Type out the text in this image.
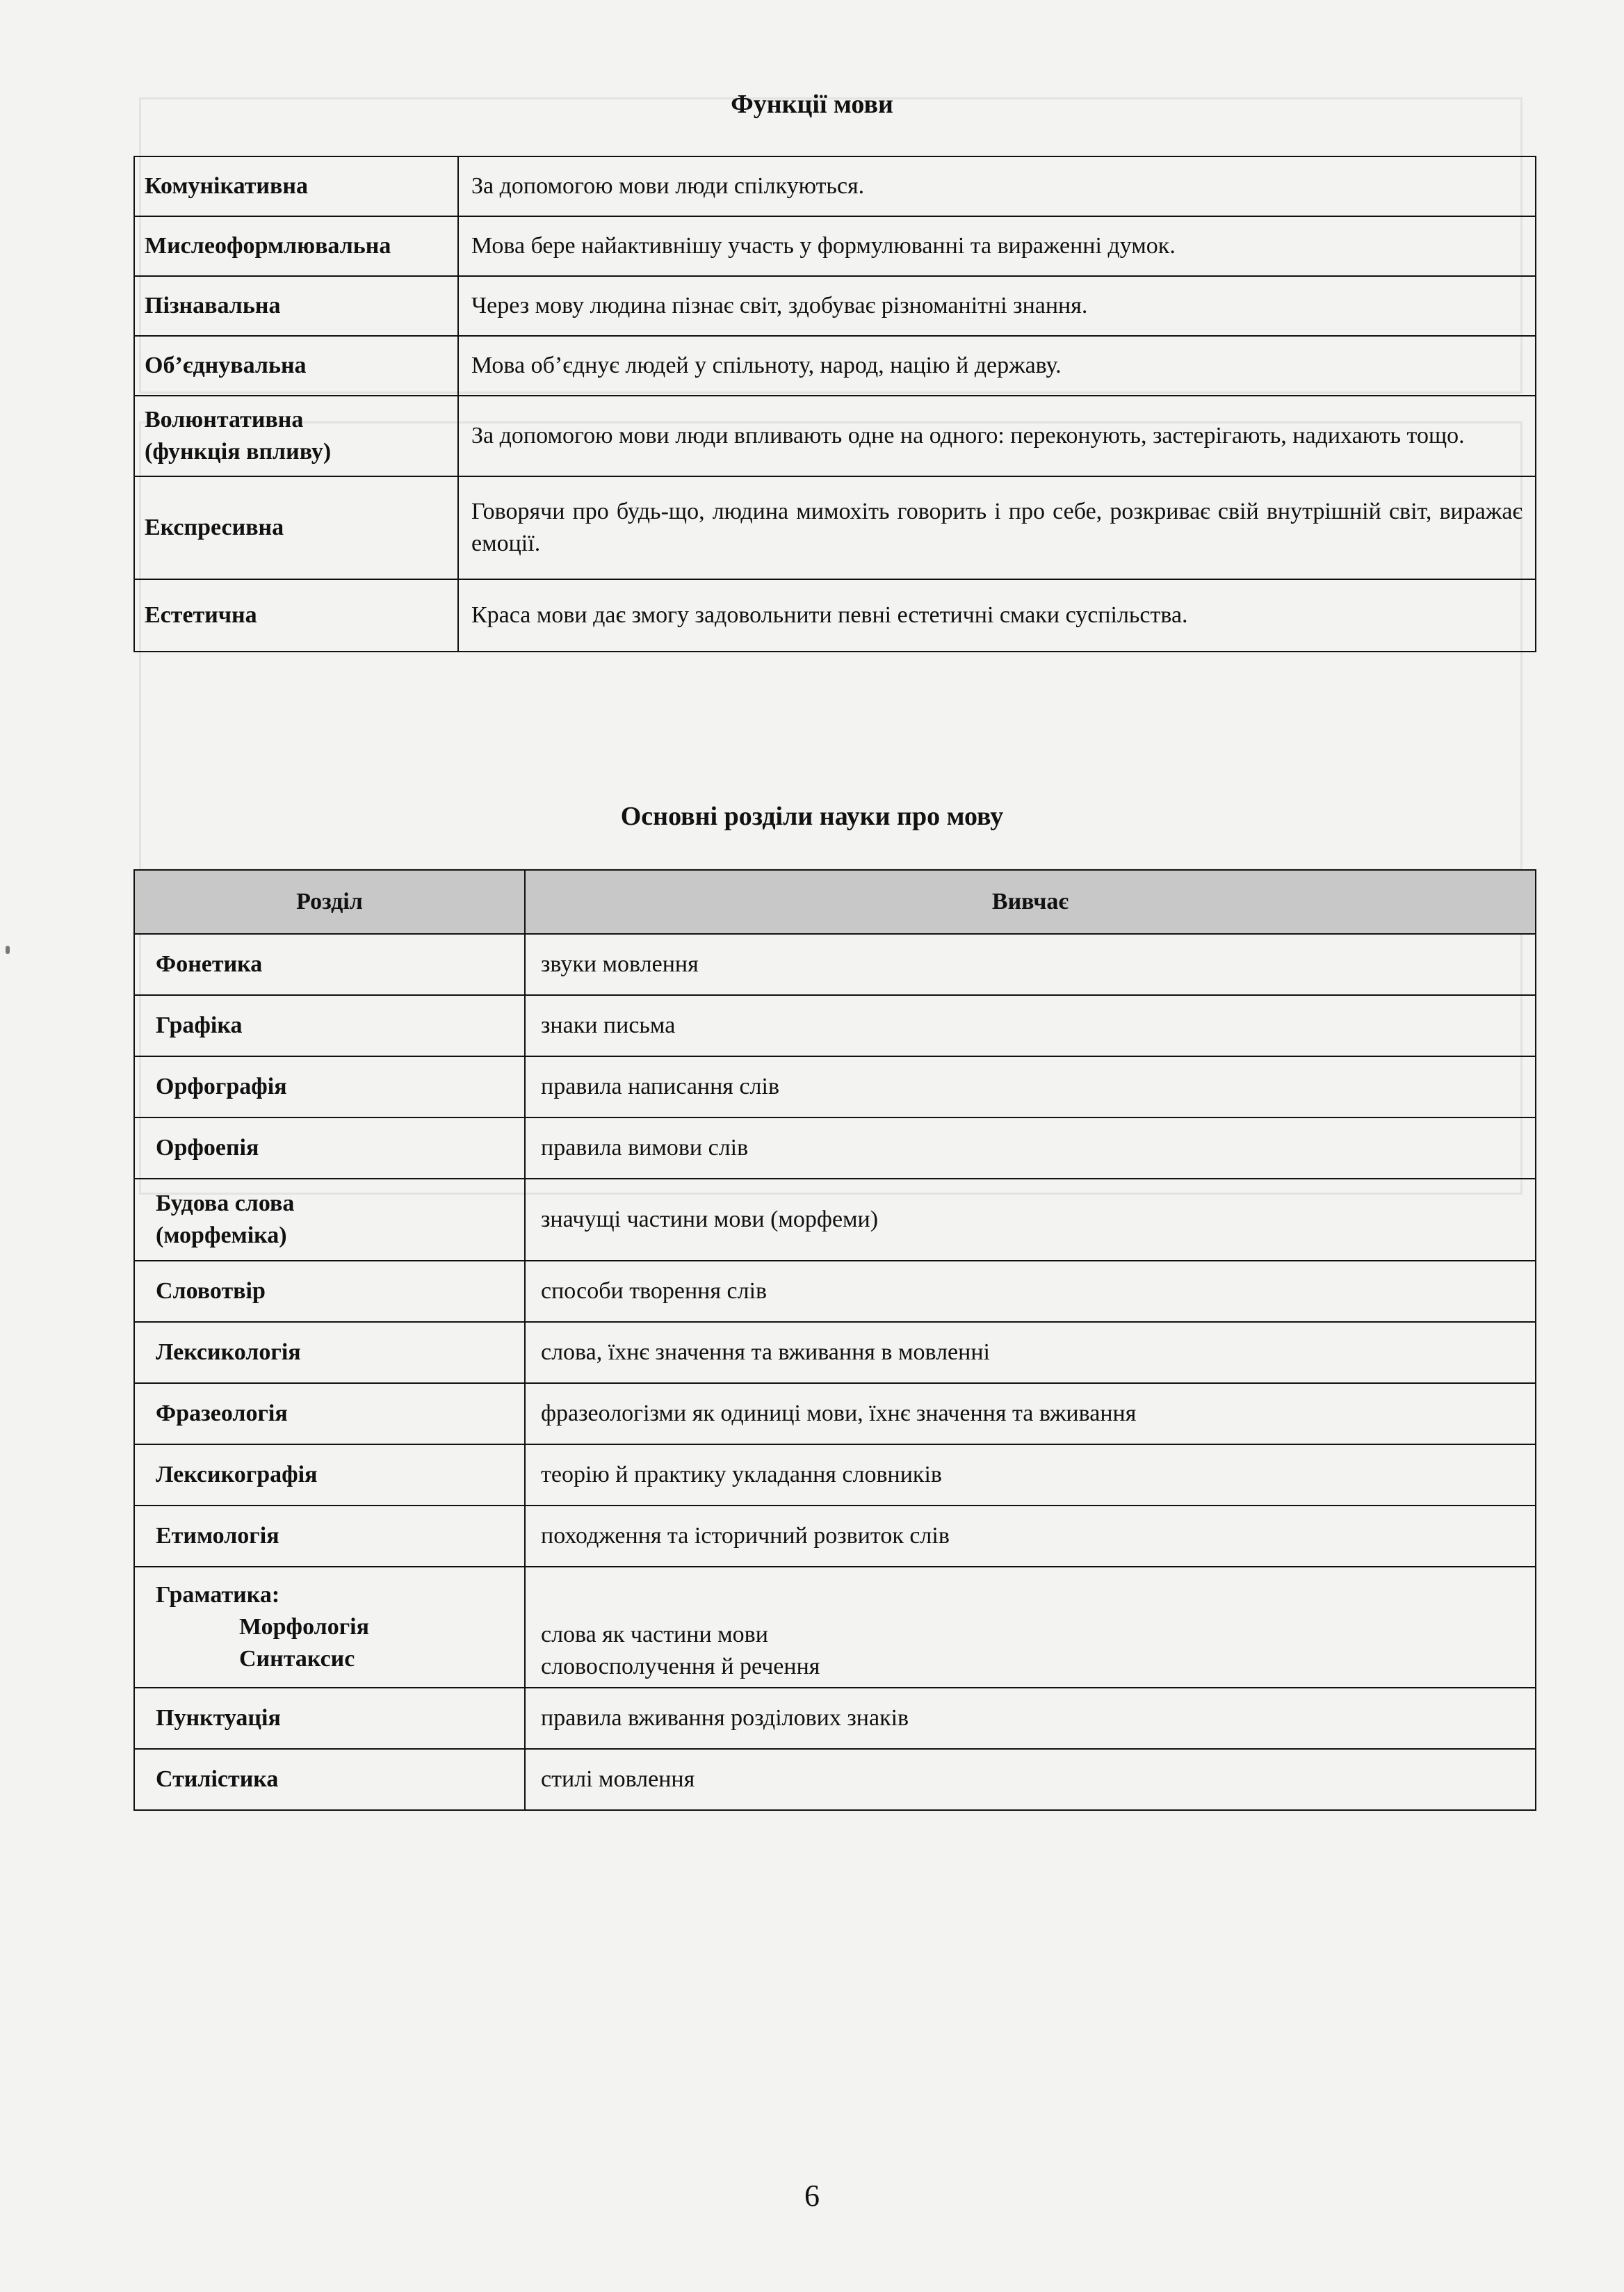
Функції мови
Комунікативна	За допомогою мови люди спілкуються.
Мислеоформлювальна	Мова бере найактивнішу участь у формулюванні та вираженні думок.
Пізнавальна	Через мову людина пізнає світ, здобуває різноманітні знання.
Об’єднувальна	Мова об’єднує людей у спільноту, народ, націю й державу.

Волюнтативна
(функція впливу)	За допомогою мови люди впливають одне на одного: переконують, застерігають, надихають тощо.
Експресивна	Говорячи про будь-що, людина мимохіть говорить і про себе, розкриває свій внутрішній світ, виражає емоції.
Естетична	Краса мови дає змогу задовольнити певні естетичні смаки суспільства.
Основні розділи науки про мову
Розділ	Вивчає
Фонетика	звуки мовлення
Графіка	знаки письма
Орфографія	правила написання слів
Орфоепія	правила вимови слів

Будова слова
(морфеміка)	значущі частини мови (морфеми)
Словотвір	способи творення слів
Лексикологія	слова, їхнє значення та вживання в мовленні
Фразеологія	фразеологізми як одиниці мови, їхнє значення та вживання
Лексикографія	теорію й практику укладання словників
Етимологія	походження та історичний розвиток слів

Граматика:
Морфологія
Синтаксис	слова як частини мови
словосполучення й речення

Пунктуація	правила вживання розділових знаків
Стилістика	стилі мовлення
6
